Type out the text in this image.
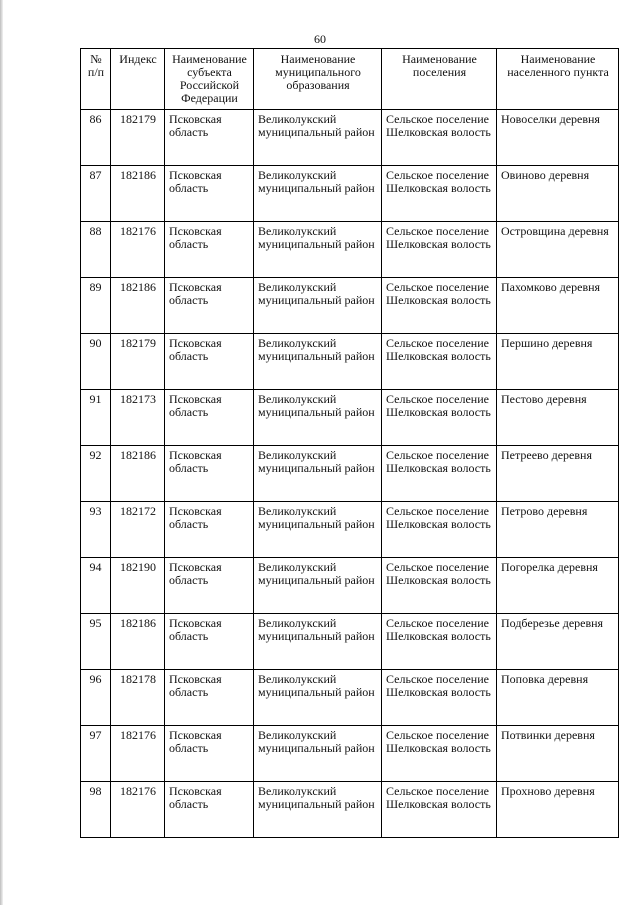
60
№ п/п	Индекс	Наименование субъекта Российской Федерации	Наименование муниципального образования	Наименование поселения	Наименование населенного пункта
86	182179	Псковская область	Великолукский муниципальный район	Сельское поселение Шелковская волость	Новоселки деревня
87	182186	Псковская область	Великолукский муниципальный район	Сельское поселение Шелковская волость	Овиново деревня
88	182176	Псковская область	Великолукский муниципальный район	Сельское поселение Шелковская волость	Островщина деревня
89	182186	Псковская область	Великолукский муниципальный район	Сельское поселение Шелковская волость	Пахомково деревня
90	182179	Псковская область	Великолукский муниципальный район	Сельское поселение Шелковская волость	Першино деревня
91	182173	Псковская область	Великолукский муниципальный район	Сельское поселение Шелковская волость	Пестово деревня
92	182186	Псковская область	Великолукский муниципальный район	Сельское поселение Шелковская волость	Петреево деревня
93	182172	Псковская область	Великолукский муниципальный район	Сельское поселение Шелковская волость	Петрово деревня
94	182190	Псковская область	Великолукский муниципальный район	Сельское поселение Шелковская волость	Погорелка деревня
95	182186	Псковская область	Великолукский муниципальный район	Сельское поселение Шелковская волость	Подберезье деревня
96	182178	Псковская область	Великолукский муниципальный район	Сельское поселение Шелковская волость	Поповка деревня
97	182176	Псковская область	Великолукский муниципальный район	Сельское поселение Шелковская волость	Потвинки деревня
98	182176	Псковская область	Великолукский муниципальный район	Сельское поселение Шелковская волость	Прохново деревня
